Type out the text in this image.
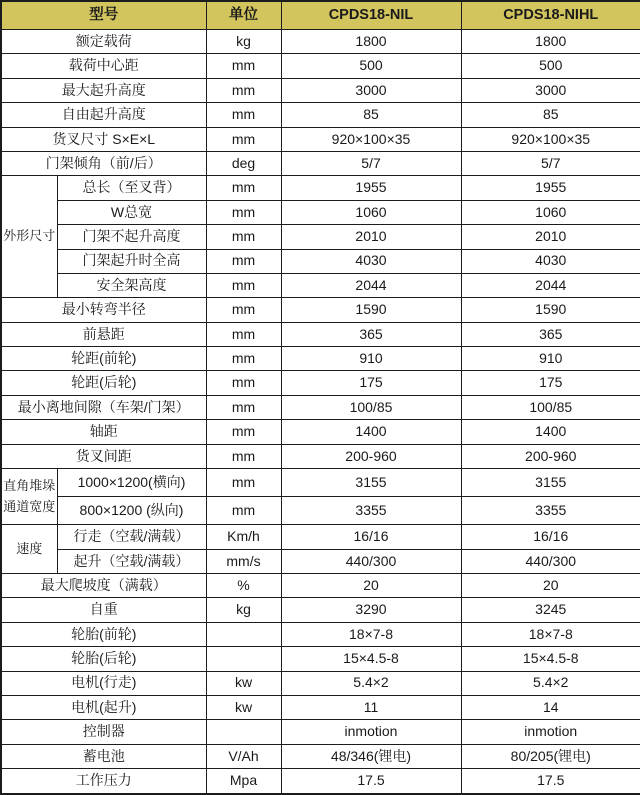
型号		单位	CPDS18-NIL	CPDS18-NIHL
额定载荷		kg	1800	1800
载荷中心距		mm	500	500
最大起升高度		mm	3000	3000
自由起升高度		mm	85	85
货叉尺寸 S×E×L		mm	920×100×35	920×100×35
门架倾角（前/后）		deg	5/7	5/7
外形尺寸	总长（至叉背）	mm	1955	1955
	W总宽	mm	1060	1060
	门架不起升高度	mm	2010	2010
	门架起升时全高	mm	4030	4030
	安全架高度	mm	2044	2044
最小转弯半径		mm	1590	1590
前悬距		mm	365	365
轮距(前轮)		mm	910	910
轮距(后轮)		mm	175	175
最小离地间隙（车架/门架）		mm	100/85	100/85
轴距		mm	1400	1400
货叉间距		mm	200-960	200-960
直角堆垛通道宽度	1000×1200(横向)	mm	3155	3155
	800×1200 (纵向)	mm	3355	3355
速度	行走（空载/满载）	Km/h	16/16	16/16
	起升（空载/满载）	mm/s	440/300	440/300
最大爬坡度（满载）		%	20	20
自重		kg	3290	3245
轮胎(前轮)			18×7-8	18×7-8
轮胎(后轮)			15×4.5-8	15×4.5-8
电机(行走)		kw	5.4×2	5.4×2
电机(起升)		kw	11	14
控制器			inmotion	inmotion
蓄电池		V/Ah	48/346(锂电)	80/205(锂电)
工作压力		Mpa	17.5	17.5
